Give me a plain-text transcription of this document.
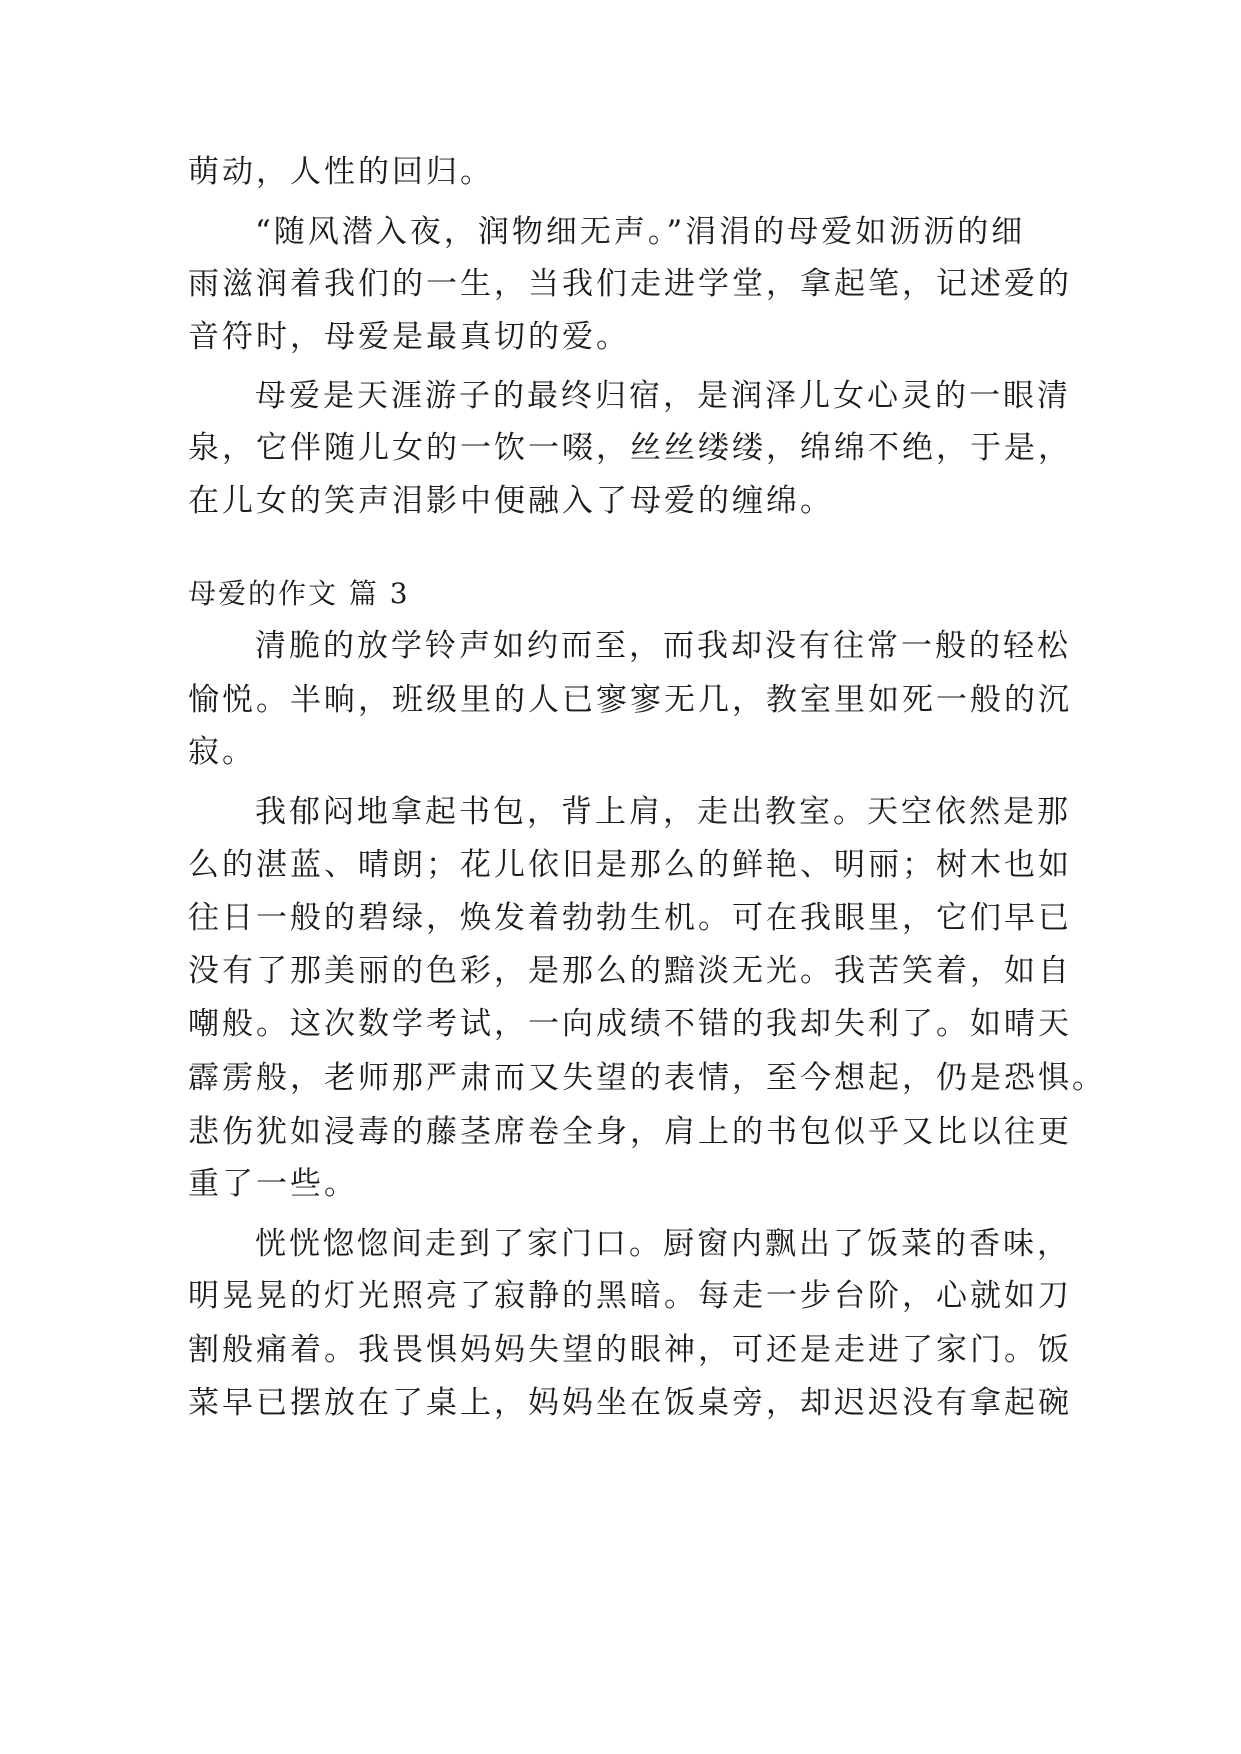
萌动，人性的回归。
“随风潜入夜，润物细无声。”涓涓的母爱如沥沥的细
雨滋润着我们的一生，当我们走进学堂，拿起笔，记述爱的
音符时，母爱是最真切的爱。
母爱是天涯游子的最终归宿，是润泽儿女心灵的一眼清
泉，它伴随儿女的一饮一啜，丝丝缕缕，绵绵不绝，于是，
在儿女的笑声泪影中便融入了母爱的缠绵。
母爱的作文 篇 3
清脆的放学铃声如约而至，而我却没有往常一般的轻松
愉悦。半晌，班级里的人已寥寥无几，教室里如死一般的沉
寂。
我郁闷地拿起书包，背上肩，走出教室。天空依然是那
么的湛蓝、晴朗；花儿依旧是那么的鲜艳、明丽；树木也如
往日一般的碧绿，焕发着勃勃生机。可在我眼里，它们早已
没有了那美丽的色彩，是那么的黯淡无光。我苦笑着，如自
嘲般。这次数学考试，一向成绩不错的我却失利了。如晴天
霹雳般，老师那严肃而又失望的表情，至今想起，仍是恐惧。
悲伤犹如浸毒的藤茎席卷全身，肩上的书包似乎又比以往更
重了一些。
恍恍惚惚间走到了家门口。厨窗内飘出了饭菜的香味，
明晃晃的灯光照亮了寂静的黑暗。每走一步台阶，心就如刀
割般痛着。我畏惧妈妈失望的眼神，可还是走进了家门。饭
菜早已摆放在了桌上，妈妈坐在饭桌旁，却迟迟没有拿起碗
